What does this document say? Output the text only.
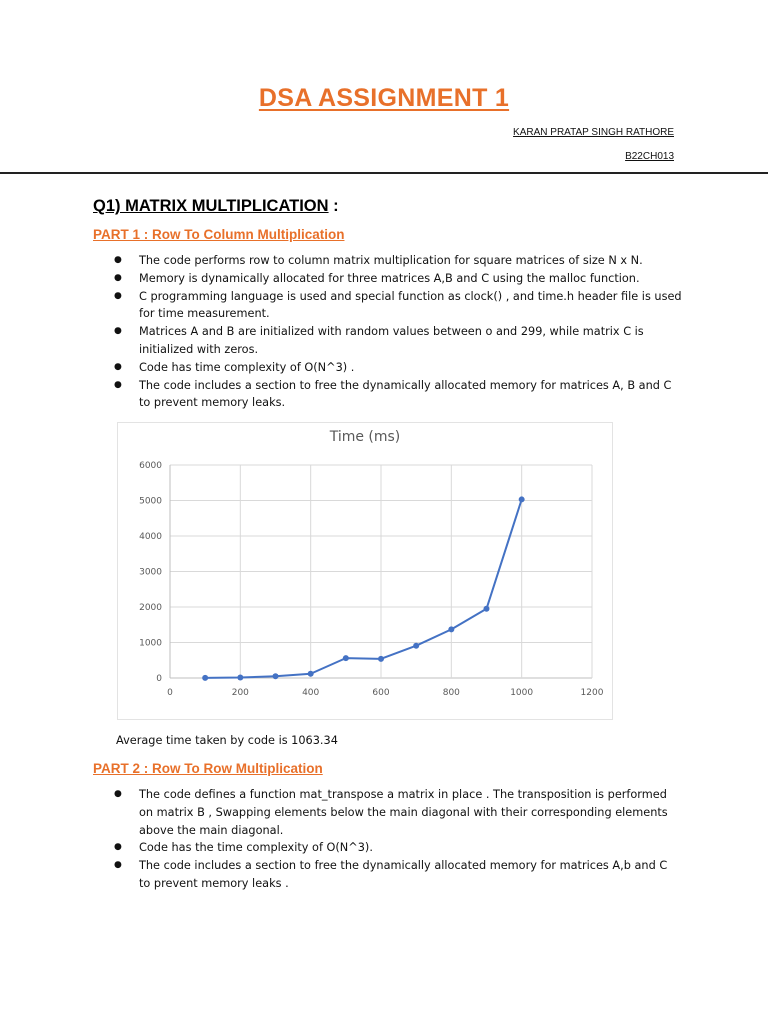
DSA ASSIGNMENT 1
KARAN PRATAP SINGH RATHORE
B22CH013
Q1) MATRIX MULTIPLICATION :
PART 1 : Row To Column Multiplication
● The code performs row to column matrix multiplication for square matrices of size N x N.
● Memory is dynamically allocated for three matrices A,B and C using the malloc function.
● C programming language is used and special function as clock() , and time.h header file is used for time measurement.
● Matrices A and B are initialized with random values between o and 299, while matrix C is initialized with zeros.
● Code has time complexity of O(N^3) .
● The code includes a section to free the dynamically allocated memory for matrices A, B and C to prevent memory leaks.
Time (ms)
0
1000
2000
3000
4000
5000
6000
0	200	400	600	800	1000	1200
Average time taken by code is 1063.34
PART 2 : Row To Row Multiplication
● The code defines a function mat_transpose a matrix in place . The transposition is performed on matrix B , Swapping elements below the main diagonal with their corresponding elements above the main diagonal.
● Code has the time complexity of O(N^3).
● The code includes a section to free the dynamically allocated memory for matrices A,b and C to prevent memory leaks .
